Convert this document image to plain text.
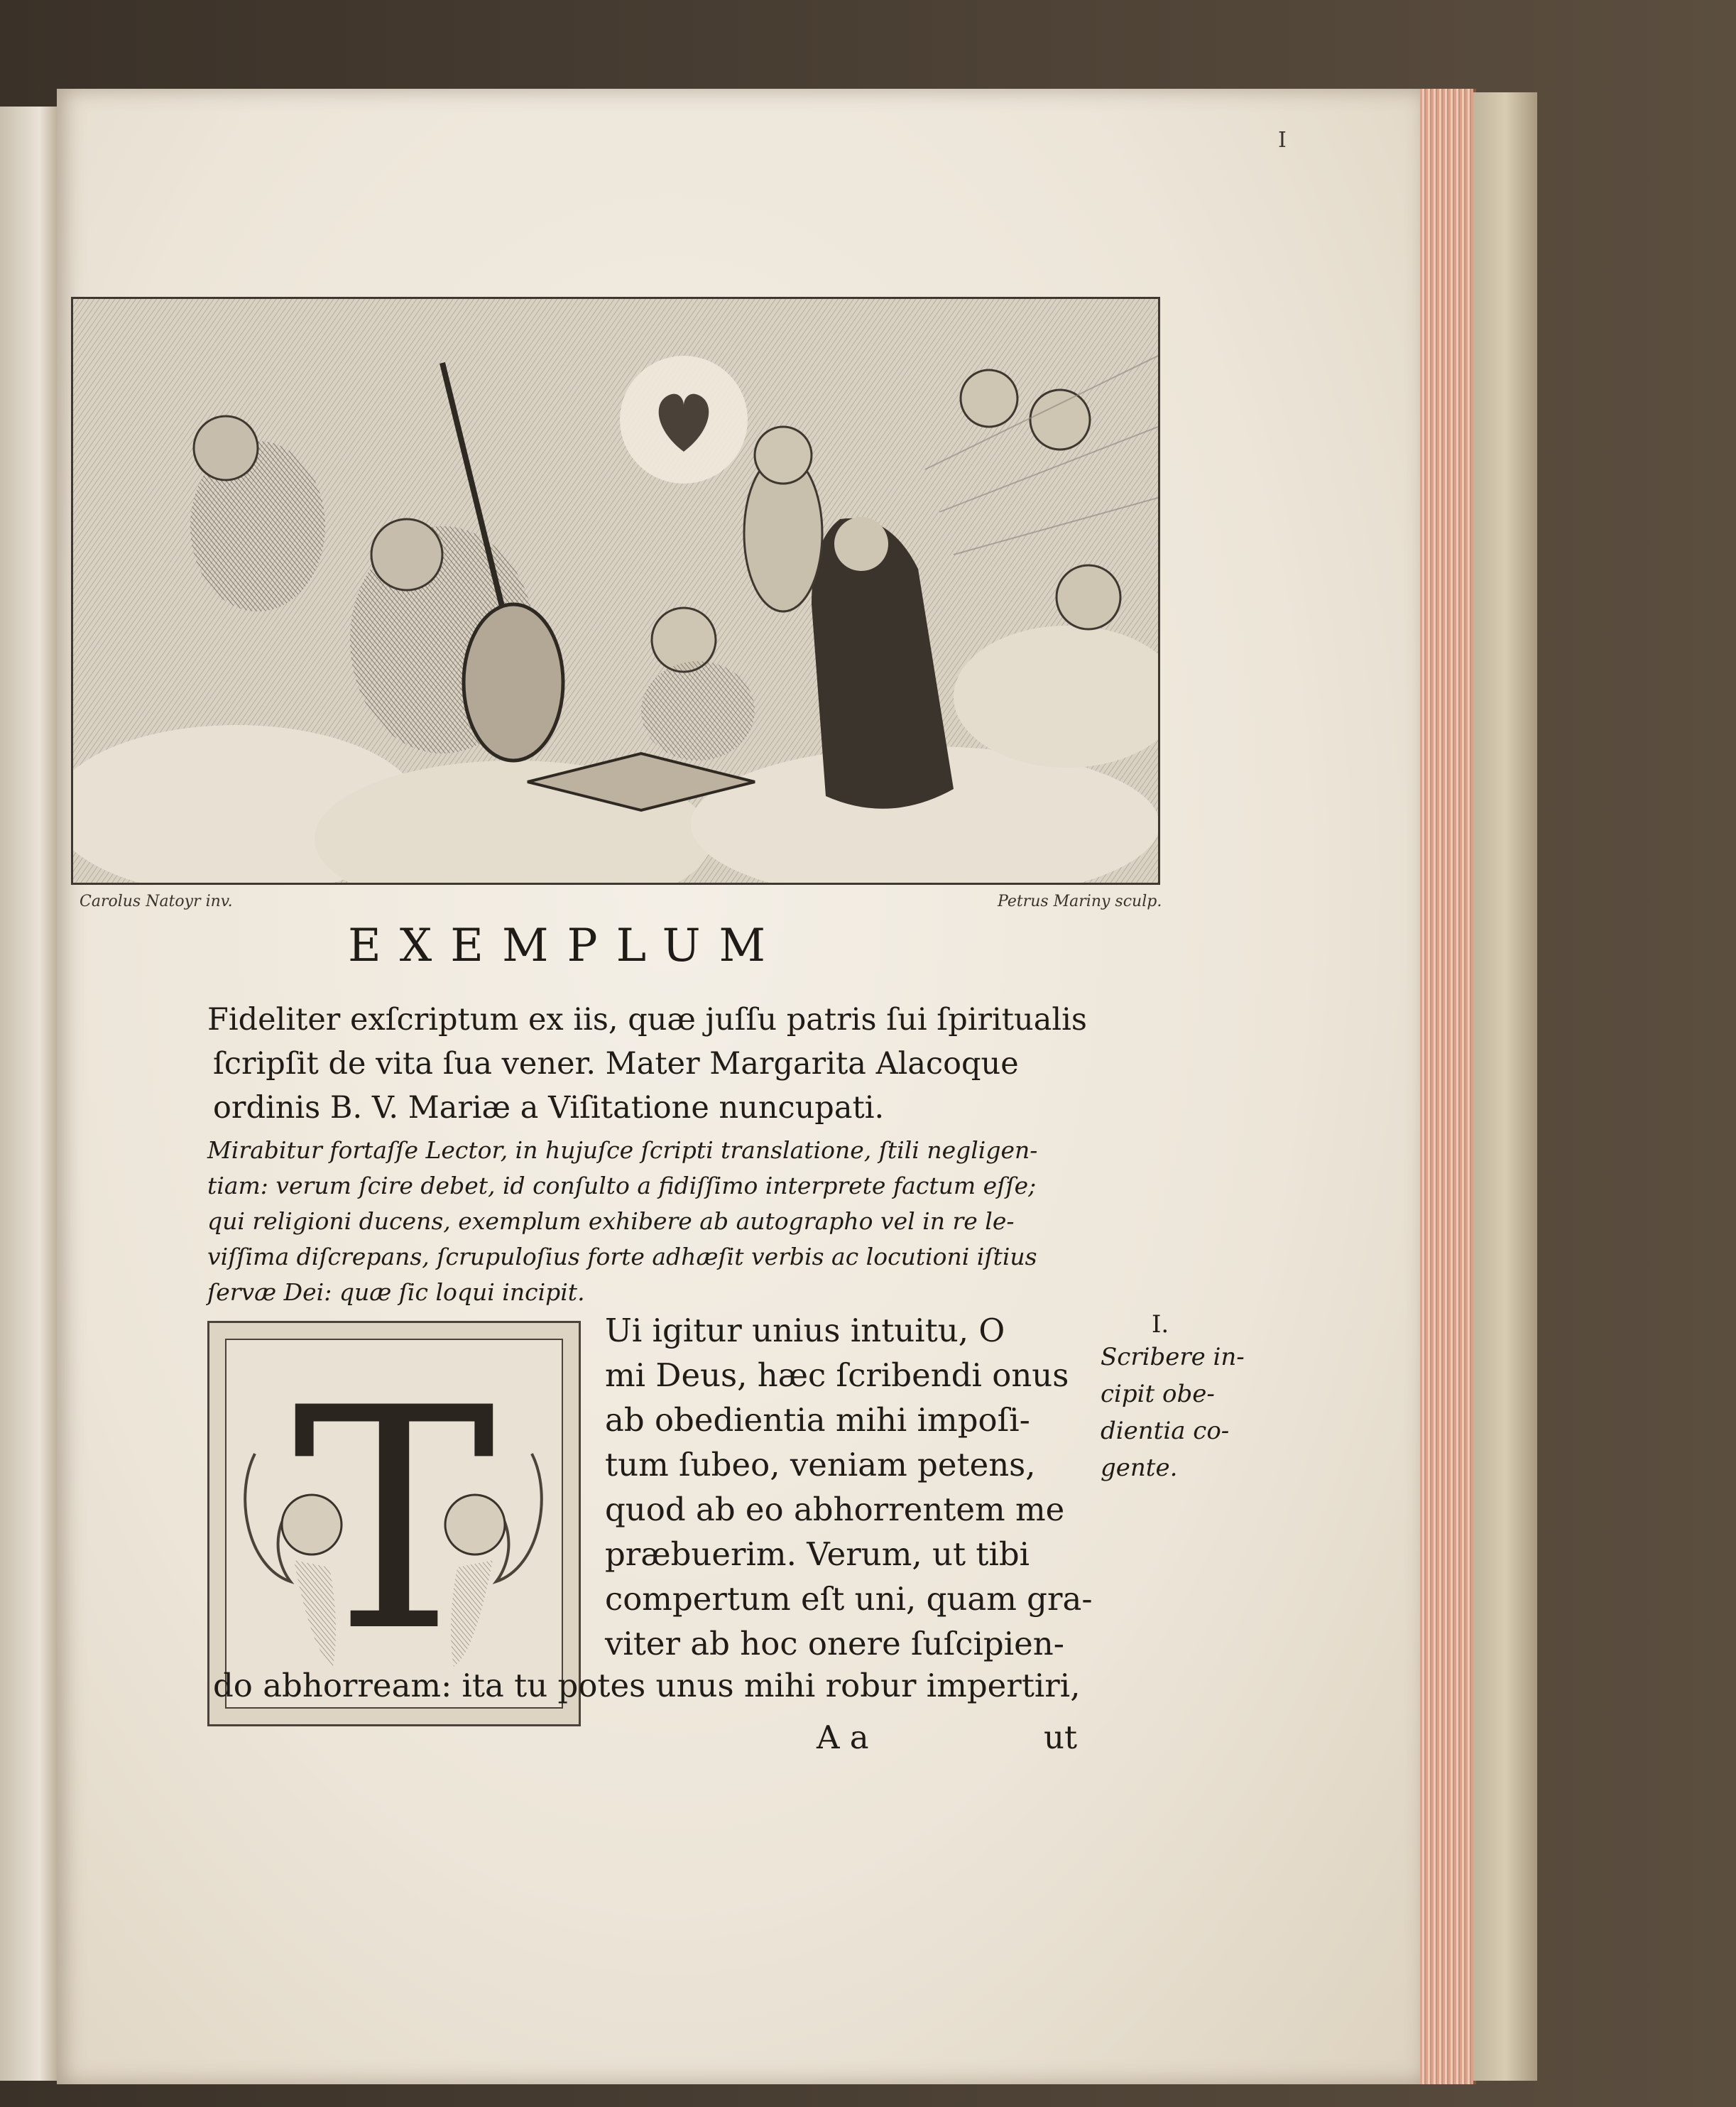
I
Carolus Natoyr inv.	Petrus Mariny sculp.
EXEMPLUM
Fideliter exſcriptum ex iis, quæ juſſu patris ſui ſpiritualis
ſcripſit de vita ſua vener. Mater Margarita Alacoque
ordinis B. V. Mariæ a Viſitatione nuncupati.
Mirabitur fortaſſe Lector, in hujuſce ſcripti translatione, ſtili negligen-
tiam: verum ſcire debet, id conſulto a fidiſſimo interprete factum eſſe;
qui religioni ducens, exemplum exhibere ab autographo vel in re le-
viſſima diſcrepans, ſcrupuloſius forte adhæſit verbis ac locutioni iſtius
ſervæ Dei: quæ ſic loqui incipit.
T
Ui igitur unius intuitu, O
mi Deus, hæc ſcribendi onus
ab obedientia mihi impoſi-
tum ſubeo, veniam petens,
quod ab eo abhorrentem me
præbuerim. Verum, ut tibi
compertum eſt uni, quam gra-
viter ab hoc onere ſuſcipien-
do abhorream: ita tu potes unus mihi robur impertiri,
A a	ut
I.
Scribere in-
cipit obe-
dientia co-
gente.
